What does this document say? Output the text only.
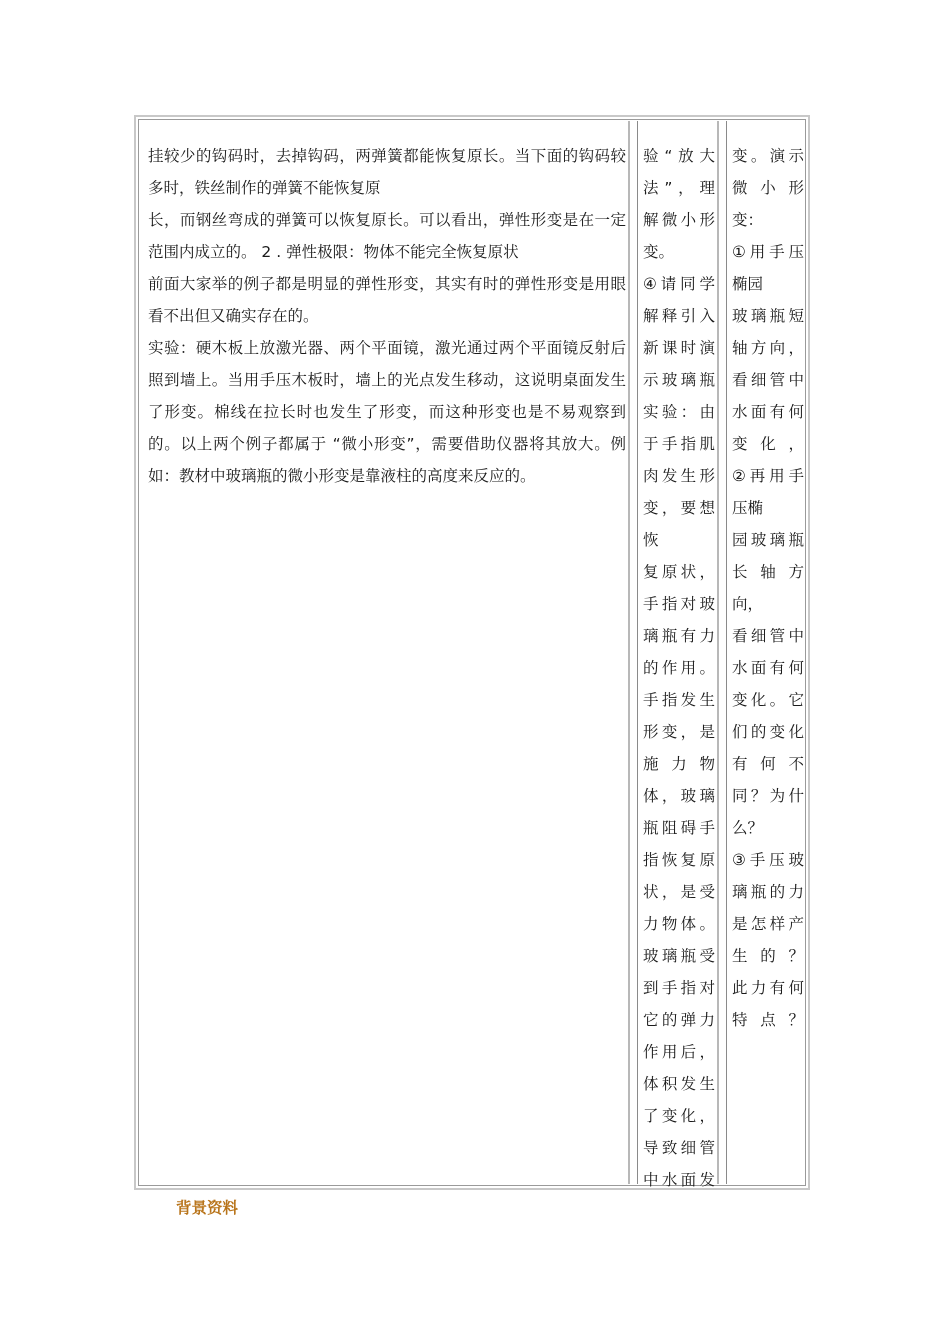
挂较少的钩码时，去掉钩码，两弹簧都能恢复原长。当下面的钩码较多时，铁丝制作的弹簧不能恢复原

长，而钢丝弯成的弹簧可以恢复原长。可以看出，弹性形变是在一定范围内成立的。 2 . 弹性极限：物体不能完全恢复原状

前面大家举的例子都是明显的弹性形变，其实有时的弹性形变是用眼看不出但又确实存在的。

实验：硬木板上放激光器、两个平面镜，激光通过两个平面镜反射后照到墙上。当用手压木板时，墙上的光点发生移动，这说明桌面发生了形变。棉线在拉长时也发生了形变，而这种形变也是不易观察到的。以上两个例子都属于 “微小形变”，需要借助仪器将其放大。例如：教材中玻璃瓶的微小形变是靠液柱的高度来反应的。

验“放大
法”，理
解微小形
变。
④请同学
解释引入
新课时演
示玻璃瓶
实验：由
于手指肌
肉发生形
变，要想
恢
复原状，
手指对玻
璃瓶有力
的作用。
手指发生
形变，是
施力物
体，玻璃
瓶阻碍手
指恢复原
状，是受
力物体。
玻璃瓶受
到手指对
它的弹力
作用后，
体积发生
了变化，
导致细管
中水面发
变。演示
微小形
变：
①用手压
椭园
玻璃瓶短
轴方向，
看细管中
水面有何
变化，
②再用手
压椭
园玻璃瓶
长轴方
向，
看细管中
水面有何
变化。它
们的变化
有何不
同？为什
么？
③手压玻
璃瓶的力
是怎样产
生的？
此力有何
特点？
背景资料
